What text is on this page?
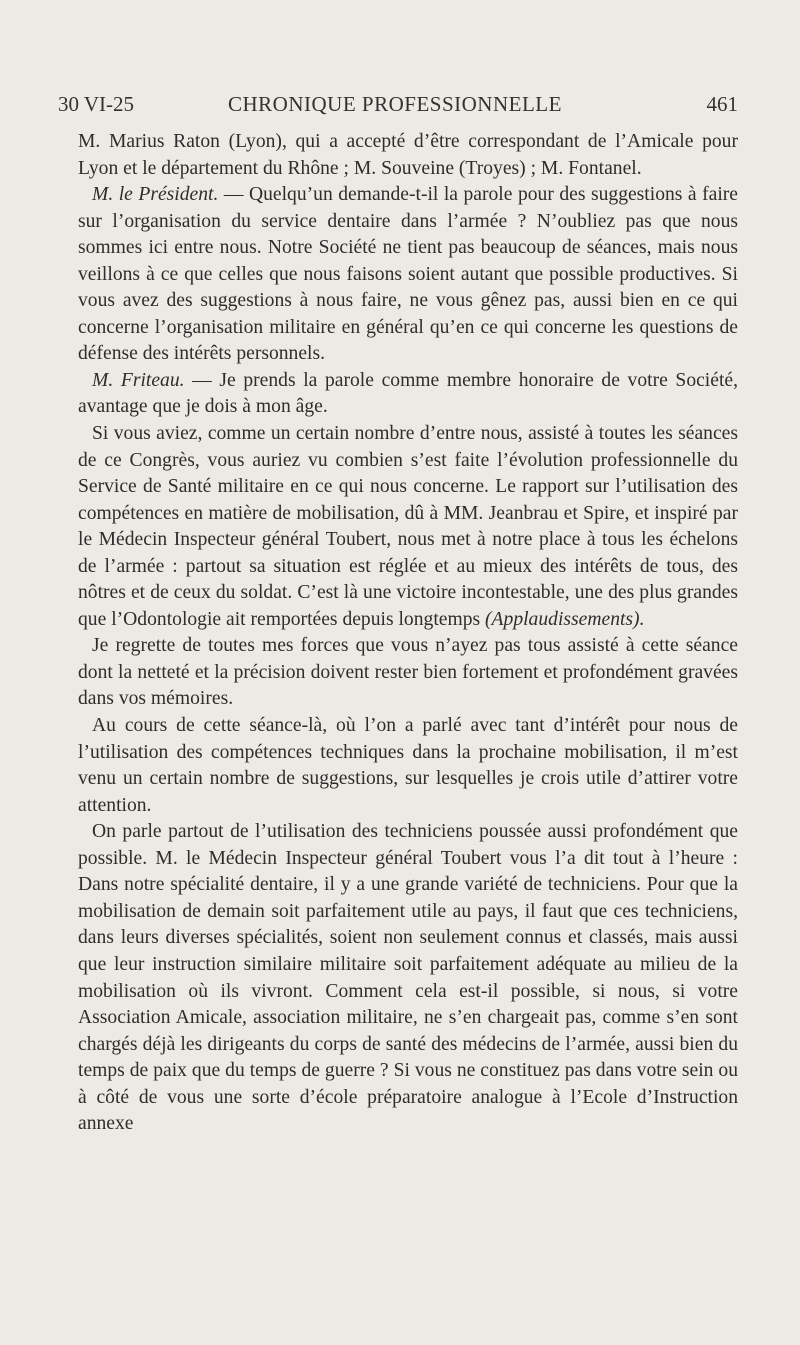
30 VI-25	CHRONIQUE PROFESSIONNELLE	461

M. Marius Raton (Lyon), qui a accepté d’être correspondant de l’Amicale pour Lyon et le département du Rhône ; M. Souveine (Troyes) ; M. Fontanel.

M. le Président. — Quelqu’un demande-t-il la parole pour des suggestions à faire sur l’organisation du service dentaire dans l’armée ? N’oubliez pas que nous sommes ici entre nous. Notre Société ne tient pas beaucoup de séances, mais nous veillons à ce que celles que nous faisons soient autant que possible productives. Si vous avez des suggestions à nous faire, ne vous gênez pas, aussi bien en ce qui concerne l’organisation militaire en général qu’en ce qui concerne les questions de défense des intérêts personnels.

M. Friteau. — Je prends la parole comme membre honoraire de votre Société, avantage que je dois à mon âge.

Si vous aviez, comme un certain nombre d’entre nous, assisté à toutes les séances de ce Congrès, vous auriez vu combien s’est faite l’évolution professionnelle du Service de Santé militaire en ce qui nous concerne. Le rapport sur l’utilisation des compétences en matière de mobilisation, dû à MM. Jeanbrau et Spire, et inspiré par le Médecin Inspecteur général Toubert, nous met à notre place à tous les échelons de l’armée : partout sa situation est réglée et au mieux des intérêts de tous, des nôtres et de ceux du soldat. C’est là une victoire incontestable, une des plus grandes que l’Odontologie ait remportées depuis longtemps (Applaudissements).

Je regrette de toutes mes forces que vous n’ayez pas tous assisté à cette séance dont la netteté et la précision doivent rester bien fortement et profondément gravées dans vos mémoires.

Au cours de cette séance-là, où l’on a parlé avec tant d’intérêt pour nous de l’utilisation des compétences techniques dans la prochaine mobilisation, il m’est venu un certain nombre de suggestions, sur lesquelles je crois utile d’attirer votre attention.

On parle partout de l’utilisation des techniciens poussée aussi profondément que possible. M. le Médecin Inspecteur général Toubert vous l’a dit tout à l’heure : Dans notre spécialité dentaire, il y a une grande variété de techniciens. Pour que la mobilisation de demain soit parfaitement utile au pays, il faut que ces techniciens, dans leurs diverses spécialités, soient non seulement connus et classés, mais aussi que leur instruction similaire militaire soit parfaitement adéquate au milieu de la mobilisation où ils vivront. Comment cela est-il possible, si nous, si votre Association Amicale, association militaire, ne s’en chargeait pas, comme s’en sont chargés déjà les dirigeants du corps de santé des médecins de l’armée, aussi bien du temps de paix que du temps de guerre ? Si vous ne constituez pas dans votre sein ou à côté de vous une sorte d’école préparatoire analogue à l’Ecole d’Instruction annexe
